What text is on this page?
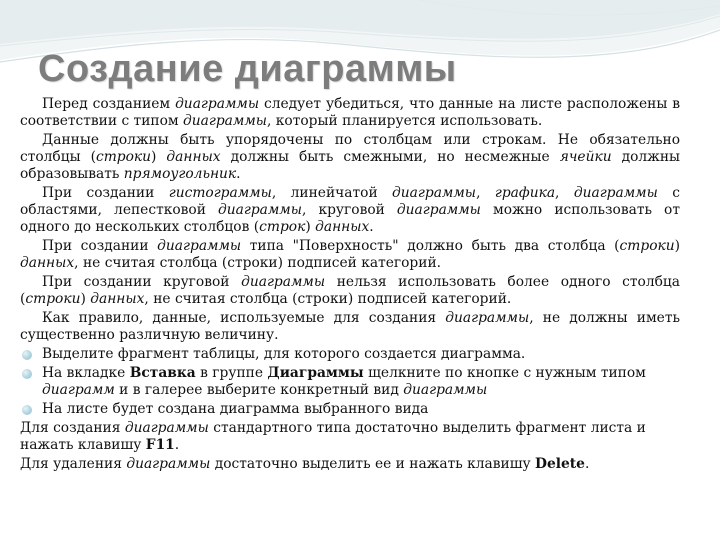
Создание диаграммы

Перед созданием диаграммы следует убедиться, что данные на листе расположены в соответствии с типом диаграммы, который планируется использовать.

Данные должны быть упорядочены по столбцам или строкам. Не обязательно столбцы (строки) данных должны быть смежными, но несмежные ячейки должны образовывать прямоугольник.

При создании гистограммы, линейчатой диаграммы, графика, диаграммы с областями, лепестковой диаграммы, круговой диаграммы можно использовать от одного до нескольких столбцов (строк) данных.

При создании диаграммы типа "Поверхность" должно быть два столбца (строки) данных, не считая столбца (строки) подписей категорий.

При создании круговой диаграммы нельзя использовать более одного столбца (строки) данных, не считая столбца (строки) подписей категорий.

Как правило, данные, используемые для создания диаграммы, не должны иметь существенно различную величину.

Выделите фрагмент таблицы, для которого создается диаграмма.
На вкладке Вставка в группе Диаграммы щелкните по кнопке с нужным типом диаграмм и в галерее выберите конкретный вид диаграммы
На листе будет создана диаграмма выбранного вида

Для создания диаграммы стандартного типа достаточно выделить фрагмент листа и нажать клавишу F11.

Для удаления диаграммы достаточно выделить ее и нажать клавишу Delete.
